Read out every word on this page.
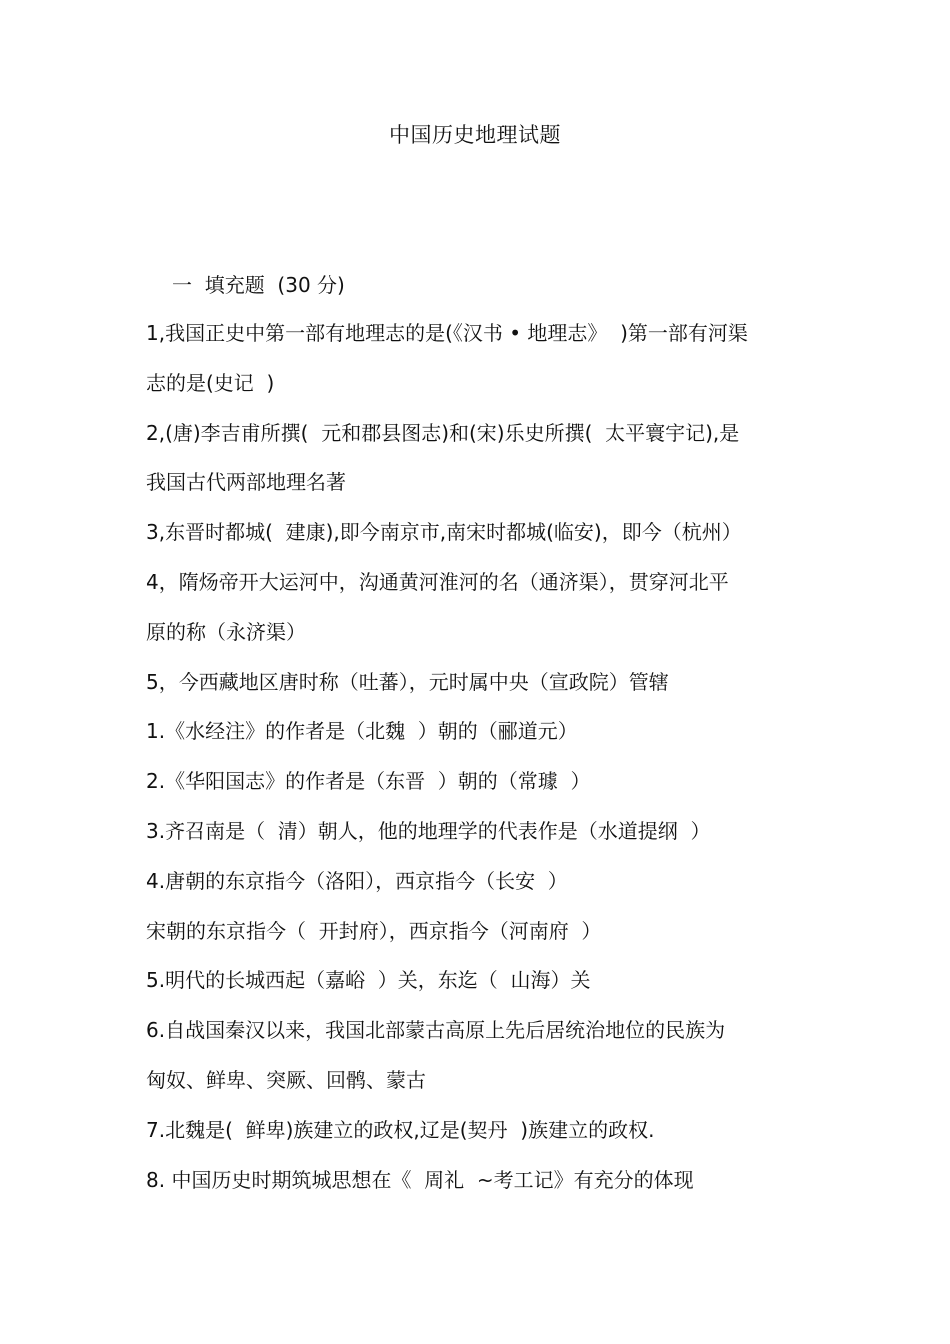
中国历史地理试题
一  填充题  (30 分)
1,我国正史中第一部有地理志的是(《汉书 • 地理志》  )第一部有河渠
志的是(史记  )
2,(唐)李吉甫所撰(  元和郡县图志)和(宋)乐史所撰(  太平寰宇记),是
我国古代两部地理名著
3,东晋时都城(  建康),即今南京市,南宋时都城(临安)，即今（杭州）
4，隋炀帝开大运河中，沟通黄河淮河的名（通济渠），贯穿河北平
原的称（永济渠）
5，今西藏地区唐时称（吐蕃），元时属中央（宣政院）管辖
1.《水经注》的作者是（北魏  ）朝的（郦道元）
2.《华阳国志》的作者是（东晋  ）朝的（常璩  ）
3.齐召南是（  清）朝人，他的地理学的代表作是（水道提纲  ）
4.唐朝的东京指今（洛阳），西京指今（长安  ）
宋朝的东京指今（  开封府），西京指今（河南府  ）
5.明代的长城西起（嘉峪  ）关，东迄（  山海）关
6.自战国秦汉以来，我国北部蒙古高原上先后居统治地位的民族为
匈奴、鲜卑、突厥、回鹘、蒙古
7.北魏是(  鲜卑)族建立的政权,辽是(契丹  )族建立的政权.
8. 中国历史时期筑城思想在《  周礼  ~考工记》有充分的体现
